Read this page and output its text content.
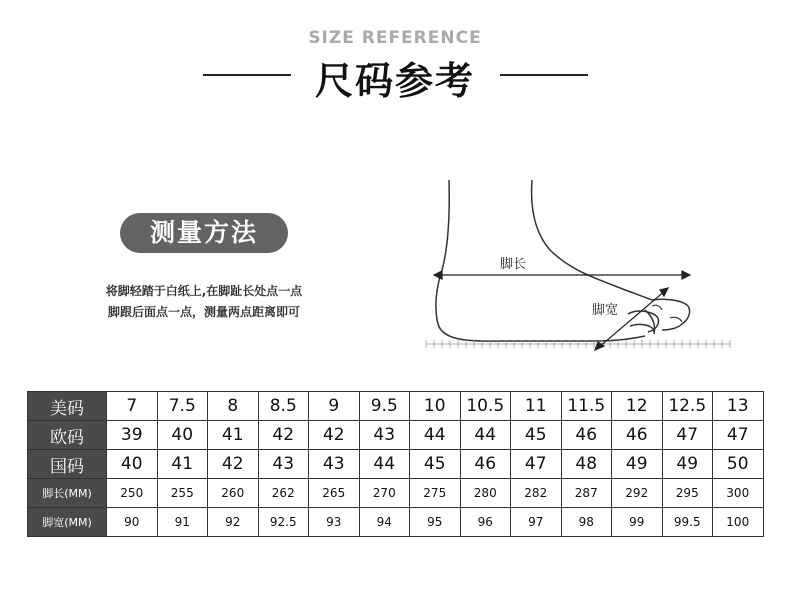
SIZE REFERENCE
尺码参考
测量方法
将脚轻踏于白纸上,在脚趾长处点一点
脚跟后面点一点，测量两点距离即可
脚长
脚宽
美码	7	7.5	8	8.5	9	9.5	10	10.5	11	11.5	12	12.5	13
欧码	39	40	41	42	42	43	44	44	45	46	46	47	47
国码	40	41	42	43	43	44	45	46	47	48	49	49	50
脚长(MM)	250	255	260	262	265	270	275	280	282	287	292	295	300
脚宽(MM)	90	91	92	92.5	93	94	95	96	97	98	99	99.5	100
